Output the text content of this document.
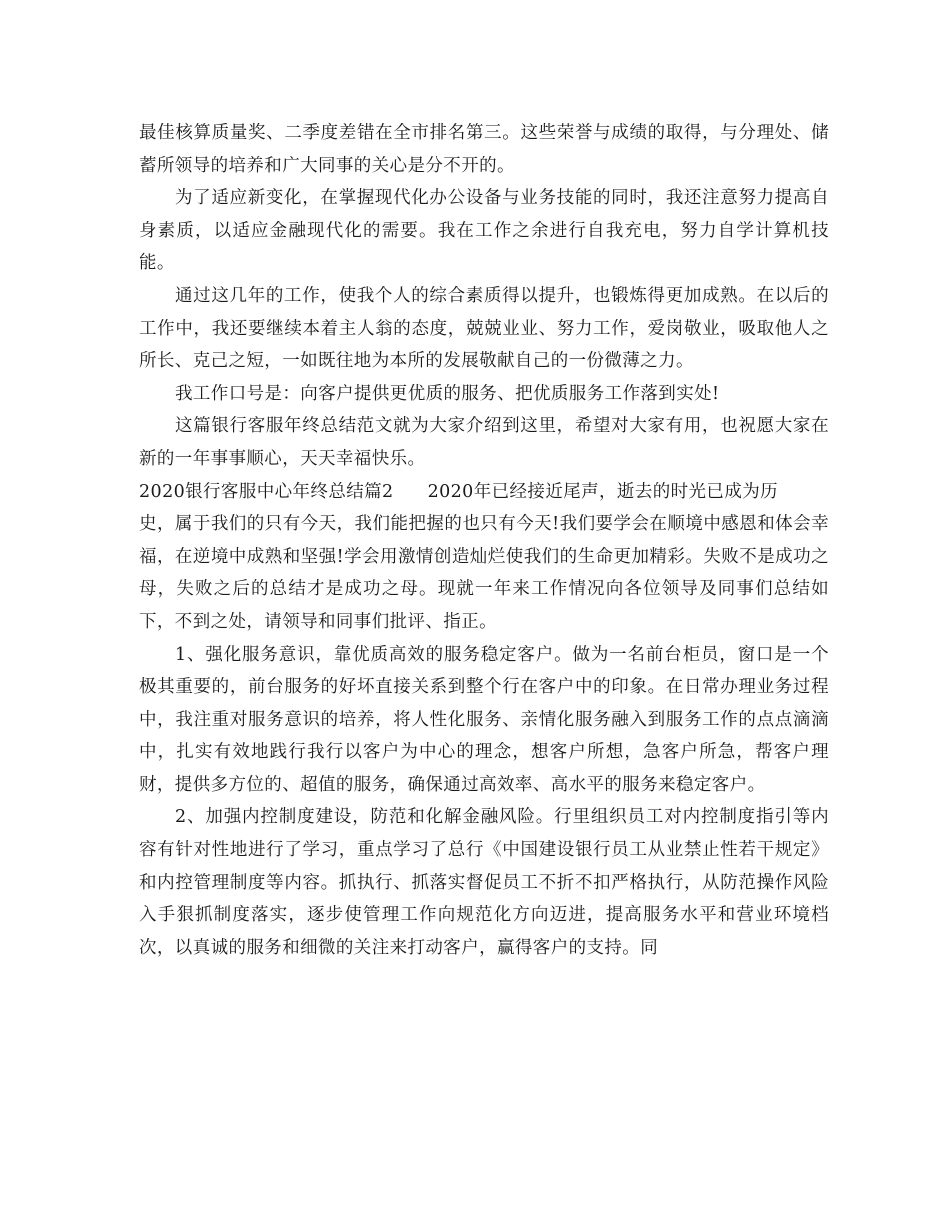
最佳核算质量奖、二季度差错在全市排名第三。这些荣誉与成绩的取得，与分理处、储蓄所领导的培养和广大同事的关心是分不开的。

为了适应新变化，在掌握现代化办公设备与业务技能的同时，我还注意努力提高自身素质，以适应金融现代化的需要。我在工作之余进行自我充电，努力自学计算机技能。

通过这几年的工作，使我个人的综合素质得以提升，也锻炼得更加成熟。在以后的工作中，我还要继续本着主人翁的态度，兢兢业业、努力工作，爱岗敬业，吸取他人之所长、克己之短，一如既往地为本所的发展敬献自己的一份微薄之力。

我工作口号是：向客户提供更优质的服务、把优质服务工作落到实处!

这篇银行客服年终总结范文就为大家介绍到这里，希望对大家有用，也祝愿大家在新的一年事事顺心，天天幸福快乐。

2020银行客服中心年终总结篇2 2020年已经接近尾声，逝去的时光已成为历

史，属于我们的只有今天，我们能把握的也只有今天!我们要学会在顺境中感恩和体会幸福，在逆境中成熟和坚强!学会用激情创造灿烂使我们的生命更加精彩。失败不是成功之母，失败之后的总结才是成功之母。现就一年来工作情况向各位领导及同事们总结如下，不到之处，请领导和同事们批评、指正。

1、强化服务意识，靠优质高效的服务稳定客户。做为一名前台柜员，窗口是一个极其重要的，前台服务的好坏直接关系到整个行在客户中的印象。在日常办理业务过程中，我注重对服务意识的培养，将人性化服务、亲情化服务融入到服务工作的点点滴滴中，扎实有效地践行我行以客户为中心的理念，想客户所想，急客户所急，帮客户理财，提供多方位的、超值的服务，确保通过高效率、高水平的服务来稳定客户。

2、加强内控制度建设，防范和化解金融风险。行里组织员工对内控制度指引等内容有针对性地进行了学习，重点学习了总行《中国建设银行员工从业禁止性若干规定》和内控管理制度等内容。抓执行、抓落实督促员工不折不扣严格执行，从防范操作风险入手狠抓制度落实，逐步使管理工作向规范化方向迈进，提高服务水平和营业环境档次，以真诚的服务和细微的关注来打动客户，赢得客户的支持。同
